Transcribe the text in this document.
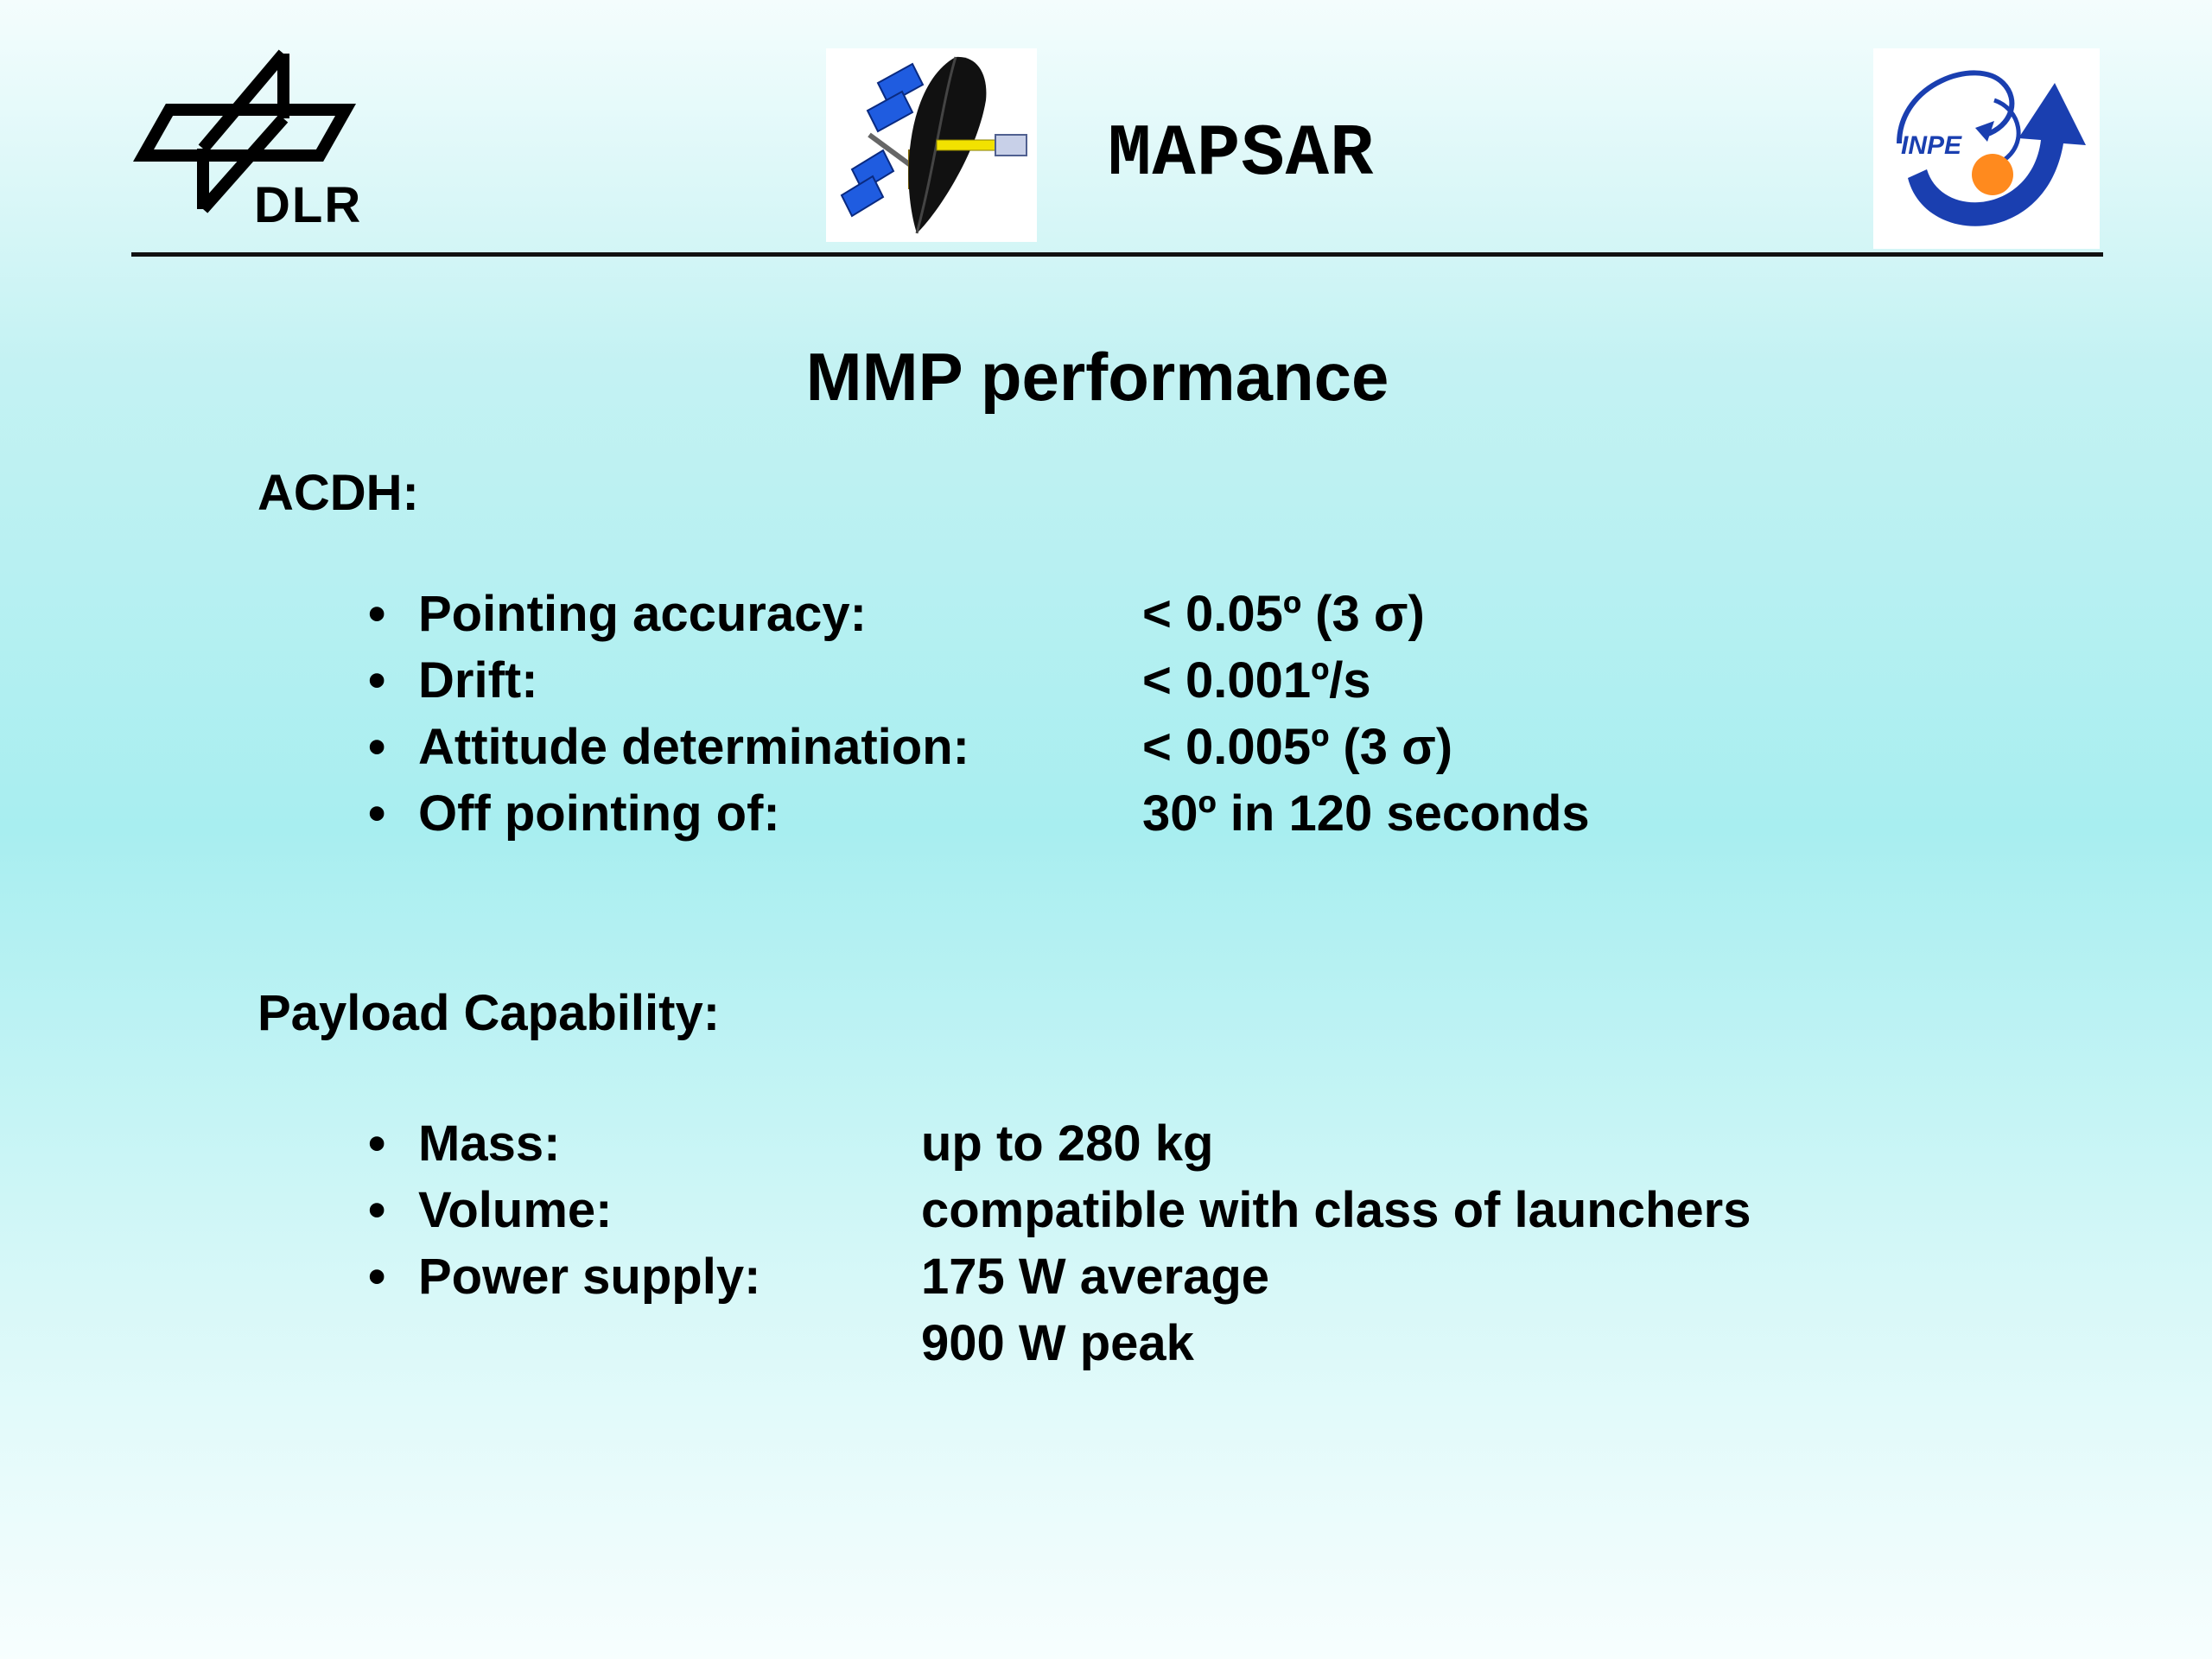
DLR
MAPSAR	INPE
MMP performance
ACDH:
• Pointing accuracy:	< 0.05º (3 σ)
• Drift:	< 0.001º/s
• Attitude determination:	< 0.005º (3 σ)
• Off pointing of:	30º in 120 seconds
Payload Capability:
• Mass:	up to 280 kg
• Volume:	compatible with class of launchers
• Power supply:	175 W average
900 W peak
